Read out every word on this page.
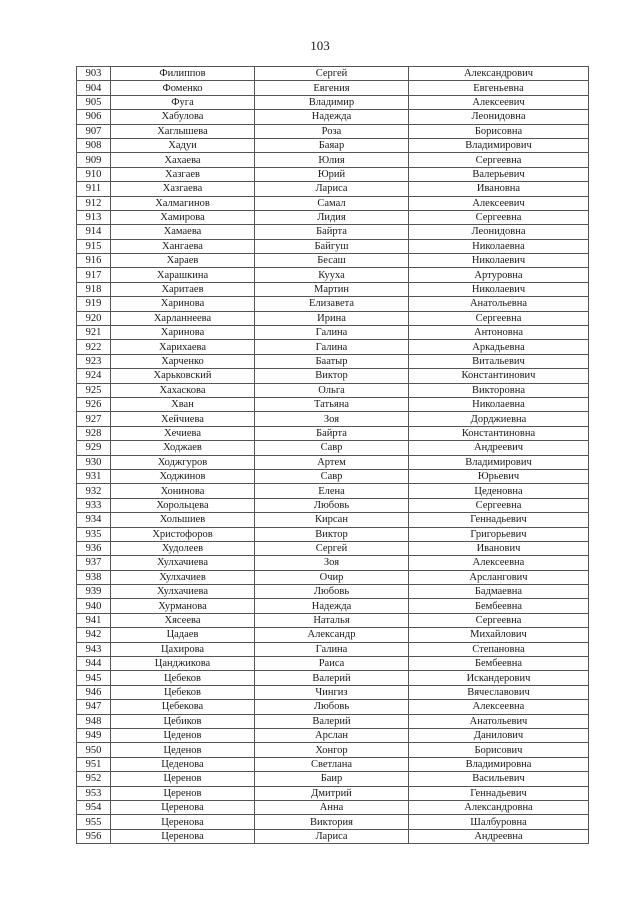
103
903	Филиппов	Сергей	Александрович
904	Фоменко	Евгения	Евгеньевна
905	Фуга	Владимир	Алексеевич
906	Хабулова	Надежда	Леонидовна
907	Хаглышева	Роза	Борисовна
908	Хадуи	Баяар	Владимирович
909	Хахаева	Юлия	Сергеевна
910	Хазгаев	Юрий	Валерьевич
911	Хазгаева	Лариса	Ивановна
912	Халмагинов	Самал	Алексеевич
913	Хамирова	Лидия	Сергеевна
914	Хамаева	Байрта	Леонидовна
915	Хангаева	Байгуш	Николаевна
916	Хараев	Бесаш	Николаевич
917	Харашкина	Кууха	Артуровна
918	Харитаев	Мартин	Николаевич
919	Харинова	Елизавета	Анатольевна
920	Харланнеева	Ирина	Сергеевна
921	Харинова	Галина	Антоновна
922	Харихаева	Галина	Аркадьевна
923	Харченко	Баатыр	Витальевич
924	Харьковский	Виктор	Константинович
925	Хахаскова	Ольга	Викторовна
926	Хван	Татьяна	Николаевна
927	Хейчиева	Зоя	Дорджиевна
928	Хечиева	Байрта	Константиновна
929	Ходжаев	Савр	Андреевич
930	Ходжгуров	Артем	Владимирович
931	Ходжинов	Савр	Юрьевич
932	Хонинова	Елена	Цеденовна
933	Хорольцева	Любовь	Сергеевна
934	Хольшиев	Кирсан	Геннадьевич
935	Христофоров	Виктор	Григорьевич
936	Худолеев	Сергей	Иванович
937	Хулхачиева	Зоя	Алексеевна
938	Хулхачиев	Очир	Арслангович
939	Хулхачиева	Любовь	Бадмаевна
940	Хурманова	Надежда	Бембеевна
941	Хясеева	Наталья	Сергеевна
942	Цадаев	Александр	Михайлович
943	Цахирова	Галина	Степановна
944	Цанджикова	Раиса	Бембеевна
945	Цебеков	Валерий	Искандерович
946	Цебеков	Чингиз	Вячеславович
947	Цебекова	Любовь	Алексеевна
948	Цебиков	Валерий	Анатольевич
949	Цеденов	Арслан	Данилович
950	Цеденов	Хонгор	Борисович
951	Цеденова	Светлана	Владимировна
952	Церенов	Баир	Васильевич
953	Церенов	Дмитрий	Геннадьевич
954	Церенова	Анна	Александровна
955	Церенова	Виктория	Шалбуровна
956	Церенова	Лариса	Андреевна
